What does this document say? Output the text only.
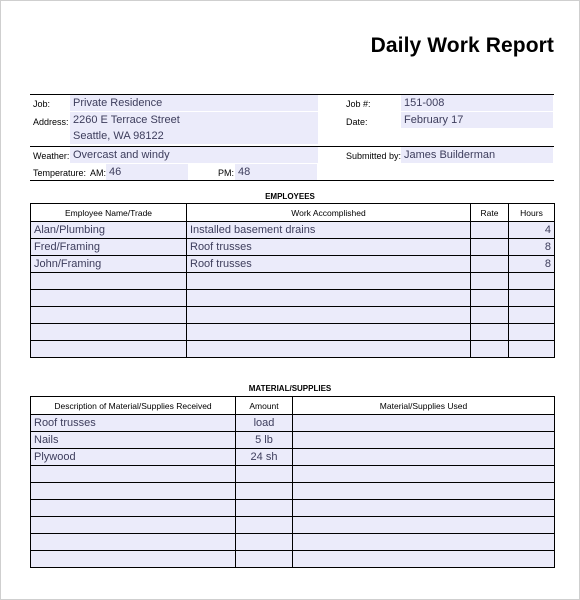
Daily Work Report
Job: Private Residence
Address: 2260 E Terrace Street
Seattle, WA 98122
Job #:	151-008
Date:	February 17
Weather: Overcast and windy	Submitted by: James Builderman
Temperature: AM: 46	PM: 48
EMPLOYEES
Employee Name/Trade	Work Accomplished	Rate	Hours
Alan/Plumbing	Installed basement drains		4
Fred/Framing	Roof trusses		8
John/Framing	Roof trusses		8

MATERIAL/SUPPLIES
Description of Material/Supplies Received	Amount	Material/Supplies Used
Roof trusses	load	
Nails	5 lb	
Plywood	24 sh	
